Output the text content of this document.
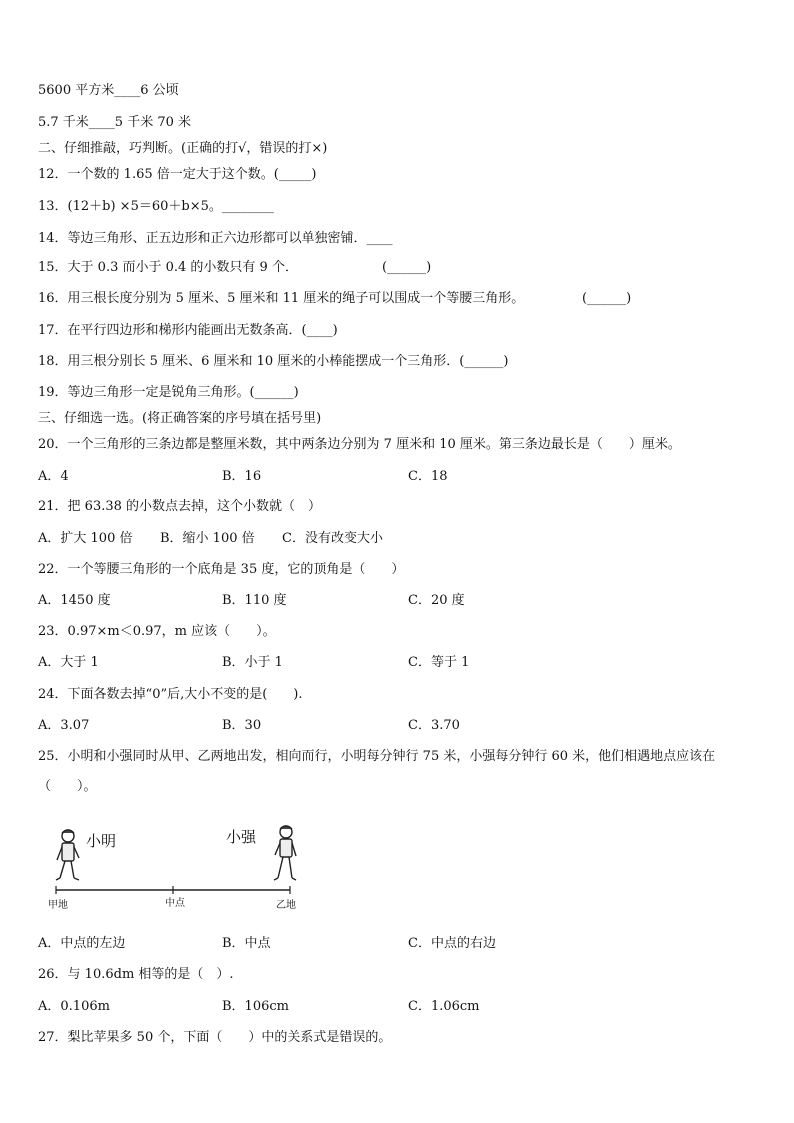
5600 平方米____6 公顷
5.7 千米____5 千米 70 米
二、仔细推敲，巧判断。(正确的打√，错误的打×)
12．一个数的 1.65 倍一定大于这个数。(_____)
13．(12＋b) ×5＝60＋b×5。________
14．等边三角形、正五边形和正六边形都可以单独密铺．____
15．大于 0.3 而小于 0.4 的小数只有 9 个．	(______)
16．用三根长度分别为 5 厘米、5 厘米和 11 厘米的绳子可以围成一个等腰三角形。	(______)
17．在平行四边形和梯形内能画出无数条高．(____)
18．用三根分别长 5 厘米、6 厘米和 10 厘米的小棒能摆成一个三角形．(______)
19．等边三角形一定是锐角三角形。(______)
三、仔细选一选。(将正确答案的序号填在括号里)
20．一个三角形的三条边都是整厘米数，其中两条边分别为 7 厘米和 10 厘米。第三条边最长是（　　）厘米。
A．4	B．16	C．18
21．把 63.38 的小数点去掉，这个小数就（　）
A．扩大 100 倍 B．缩小 100 倍 C．没有改变大小
22．一个等腰三角形的一个底角是 35 度，它的顶角是（　　）
A．1450 度	B．110 度	C．20 度
23．0.97×m＜0.97，m 应该（　　）。
A．大于 1	B．小于 1	C．等于 1
24．下面各数去掉“0”后,大小不变的是(　　).
A．3.07	B．30	C．3.70
25．小明和小强同时从甲、乙两地出发，相向而行，小明每分钟行 75 米，小强每分钟行 60 米，他们相遇地点应该在
（　　）。
小明	小强
甲地	中点	乙地
A．中点的左边	B．中点	C．中点的右边
26．与 10.6dm 相等的是（　）.
A．0.106m	B．106cm	C．1.06cm
27．梨比苹果多 50 个，下面（　　）中的关系式是错误的。
